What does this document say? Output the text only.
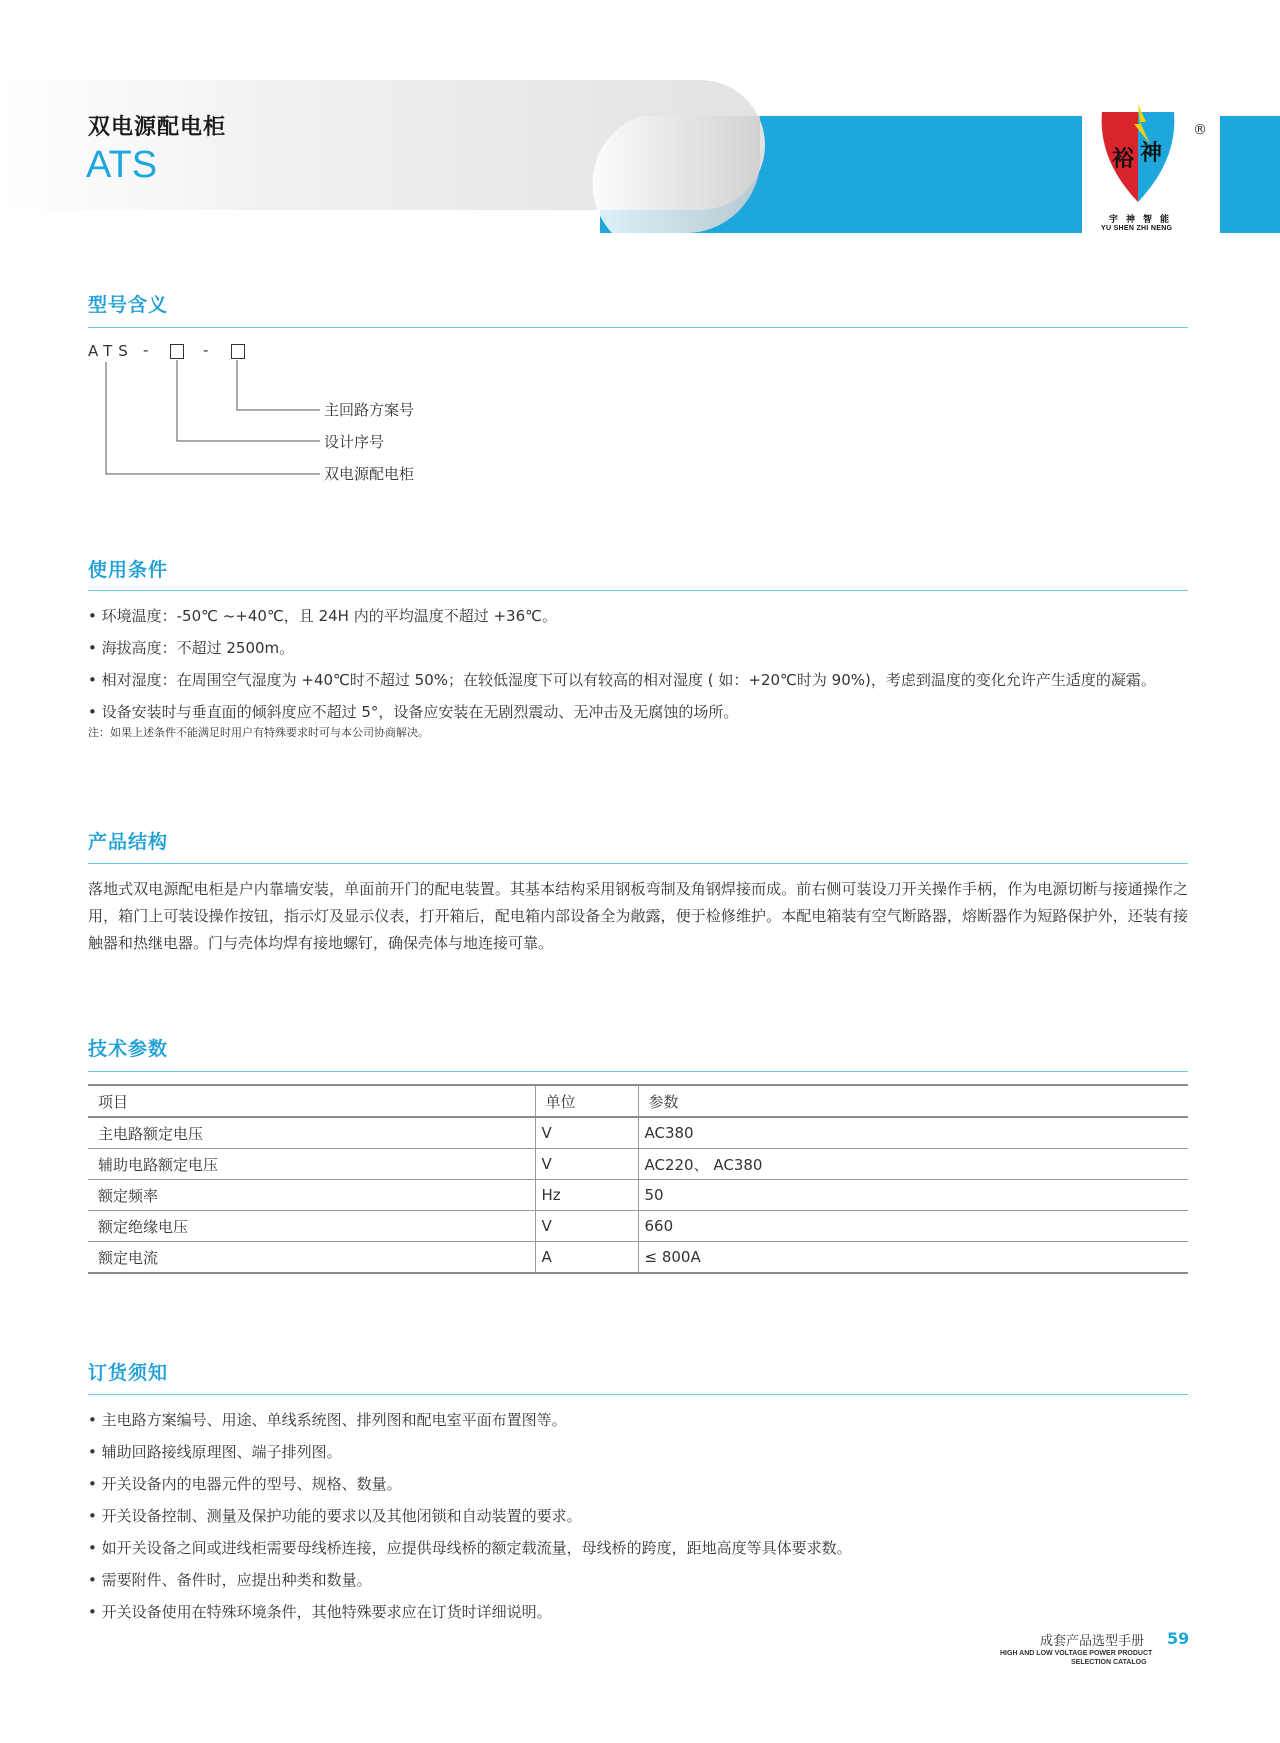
裕 神
双电源配电柜
ATS
®
宇神智能
YU SHEN ZHI NENG
型号含义
ATS -	-
主回路方案号
设计序号
双电源配电柜
使用条件
• 环境温度：-50℃ ~+40℃，且 24H 内的平均温度不超过 +36℃。
• 海拔高度：不超过 2500m。
• 相对湿度：在周围空气湿度为 +40℃时不超过 50%；在较低湿度下可以有较高的相对湿度 ( 如：+20℃时为 90%)，考虑到温度的变化允许产生适度的凝霜。
• 设备安装时与垂直面的倾斜度应不超过 5°，设备应安装在无剧烈震动、无冲击及无腐蚀的场所。
注：如果上述条件不能满足时用户有特殊要求时可与本公司协商解决。
产品结构
落地式双电源配电柜是户内靠墙安装，单面前开门的配电装置。其基本结构采用钢板弯制及角钢焊接而成。前右侧可装设刀开关操作手柄，作为电源切断与接通操作之用，箱门上可装设操作按钮，指示灯及显示仪表，打开箱后，配电箱内部设备全为敞露，便于检修维护。本配电箱装有空气断路器，熔断器作为短路保护外，还装有接触器和热继电器。门与壳体均焊有接地螺钉，确保壳体与地连接可靠。
技术参数
项目	单位	参数
主电路额定电压	V	AC380
辅助电路额定电压	V	AC220、 AC380
额定频率	Hz	50
额定绝缘电压	V	660
额定电流	A	≤ 800A
订货须知
• 主电路方案编号、用途、单线系统图、排列图和配电室平面布置图等。
• 辅助回路接线原理图、端子排列图。
• 开关设备内的电器元件的型号、规格、数量。
• 开关设备控制、测量及保护功能的要求以及其他闭锁和自动装置的要求。
• 如开关设备之间或进线柜需要母线桥连接，应提供母线桥的额定载流量，母线桥的跨度，距地高度等具体要求数。
• 需要附件、备件时，应提出种类和数量。
• 开关设备使用在特殊环境条件，其他特殊要求应在订货时详细说明。
成套产品选型手册
HIGH AND LOW VOLTAGE POWER PRODUCT
SELECTION CATALOG
59
